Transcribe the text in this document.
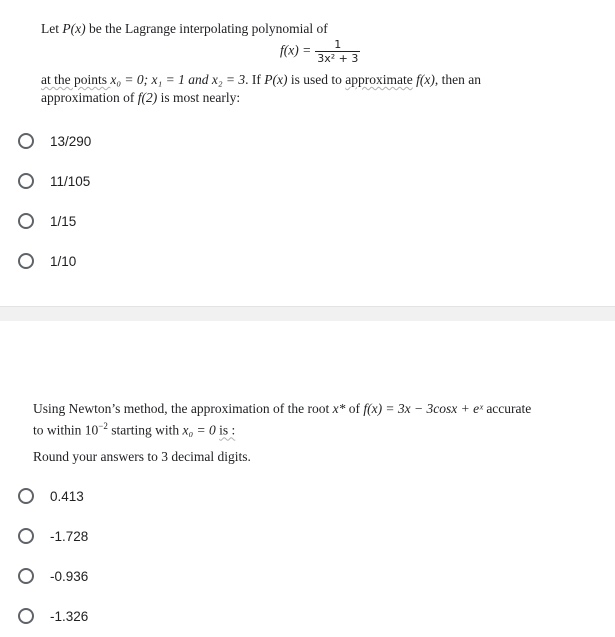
Let P(x) be the Lagrange interpolating polynomial of
$f(x) = \frac{1}{\text{3x² + 3}}$
at the points x₀ = 0; x₁ = 1 and x₂ = 3. If P(x) is used to approximate f(x), then an
approximation of f(2) is most nearly:
13/290
11/105
1/15
1/10
Using Newton’s method, the approximation of the root x* of f(x) = 3x − 3cosx + eˣ accurate
to within $10^{-2}$ starting with x₀ = 0 is :
Round your answers to 3 decimal digits.
0.413
-1.728
-0.936
-1.326
